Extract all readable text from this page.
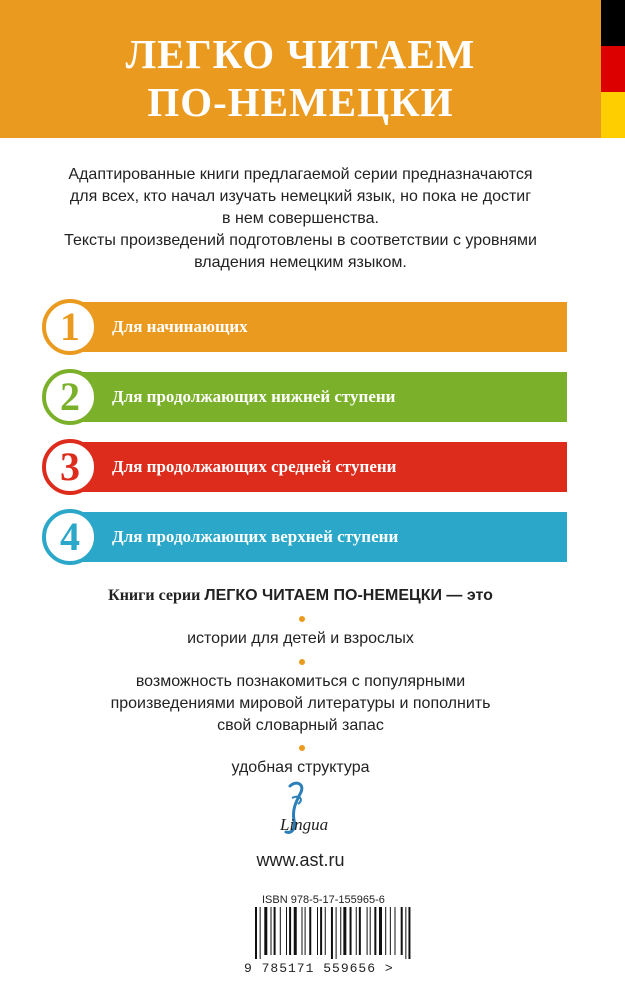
ЛЕГКО ЧИТАЕМ
ПО-НЕМЕЦКИ
Адаптированные книги предлагаемой серии предназначаются
для всех, кто начал изучать немецкий язык, но пока не достиг
в нем совершенства.
Тексты произведений подготовлены в соответствии с уровнями
владения немецким языком.
1	Для начинающих
2	Для продолжающих нижней ступени
3	Для продолжающих средней ступени
4	Для продолжающих верхней ступени
Книги серии ЛЕГКО ЧИТАЕМ ПО-НЕМЕЦКИ — это
истории для детей и взрослых
возможность познакомиться с популярными
произведениями мировой литературы и пополнить
свой словарный запас
удобная структура
Lingua
www.ast.ru
ISBN 978-5-17-155965-6
9 785171 559656 >
